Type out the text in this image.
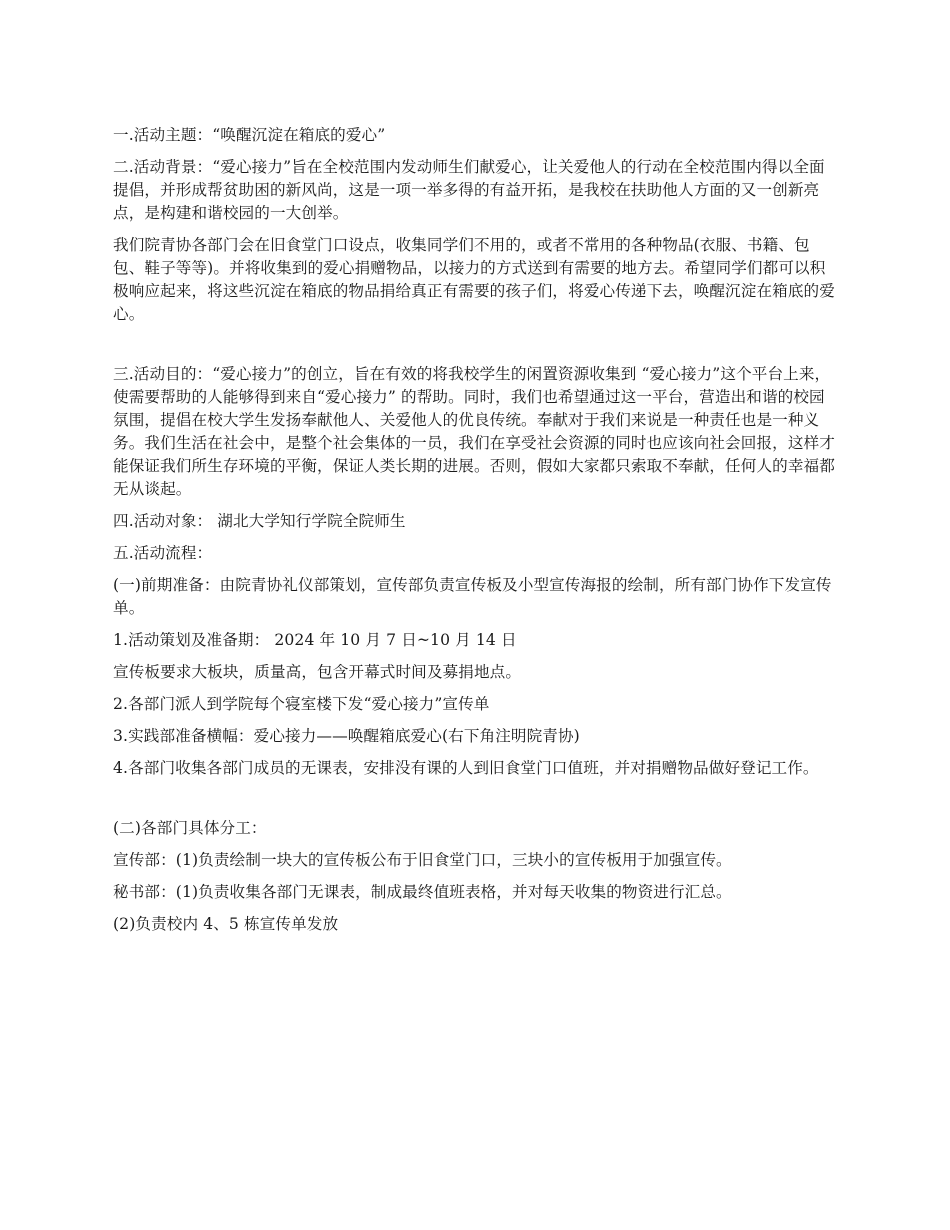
一.活动主题：“唤醒沉淀在箱底的爱心”

二.活动背景：“爱心接力”旨在全校范围内发动师生们献爱心，让关爱他人的行动在全校范围内得以全面提倡，并形成帮贫助困的新风尚，这是一项一举多得的有益开拓，是我校在扶助他人方面的又一创新亮点，是构建和谐校园的一大创举。

我们院青协各部门会在旧食堂门口设点，收集同学们不用的，或者不常用的各种物品(衣服、书籍、包包、鞋子等等)。并将收集到的爱心捐赠物品，以接力的方式送到有需要的地方去。希望同学们都可以积极响应起来，将这些沉淀在箱底的物品捐给真正有需要的孩子们，将爱心传递下去，唤醒沉淀在箱底的爱心。

三.活动目的：“爱心接力”的创立，旨在有效的将我校学生的闲置资源收集到 “爱心接力”这个平台上来，使需要帮助的人能够得到来自“爱心接力” 的帮助。同时，我们也希望通过这一平台，营造出和谐的校园氛围，提倡在校大学生发扬奉献他人、关爱他人的优良传统。奉献对于我们来说是一种责任也是一种义务。我们生活在社会中，是整个社会集体的一员，我们在享受社会资源的同时也应该向社会回报，这样才能保证我们所生存环境的平衡，保证人类长期的进展。否则，假如大家都只索取不奉献，任何人的幸福都无从谈起。

四.活动对象： 湖北大学知行学院全院师生

五.活动流程：

(一)前期准备：由院青协礼仪部策划，宣传部负责宣传板及小型宣传海报的绘制，所有部门协作下发宣传单。

1.活动策划及准备期： 2024 年 10 月 7 日~10 月 14 日

宣传板要求大板块，质量高，包含开幕式时间及募捐地点。

2.各部门派人到学院每个寝室楼下发“爱心接力”宣传单

3.实践部准备横幅：爱心接力——唤醒箱底爱心(右下角注明院青协)

4.各部门收集各部门成员的无课表，安排没有课的人到旧食堂门口值班，并对捐赠物品做好登记工作。

(二)各部门具体分工：

宣传部：(1)负责绘制一块大的宣传板公布于旧食堂门口，三块小的宣传板用于加强宣传。

秘书部：(1)负责收集各部门无课表，制成最终值班表格，并对每天收集的物资进行汇总。

(2)负责校内 4、5 栋宣传单发放
